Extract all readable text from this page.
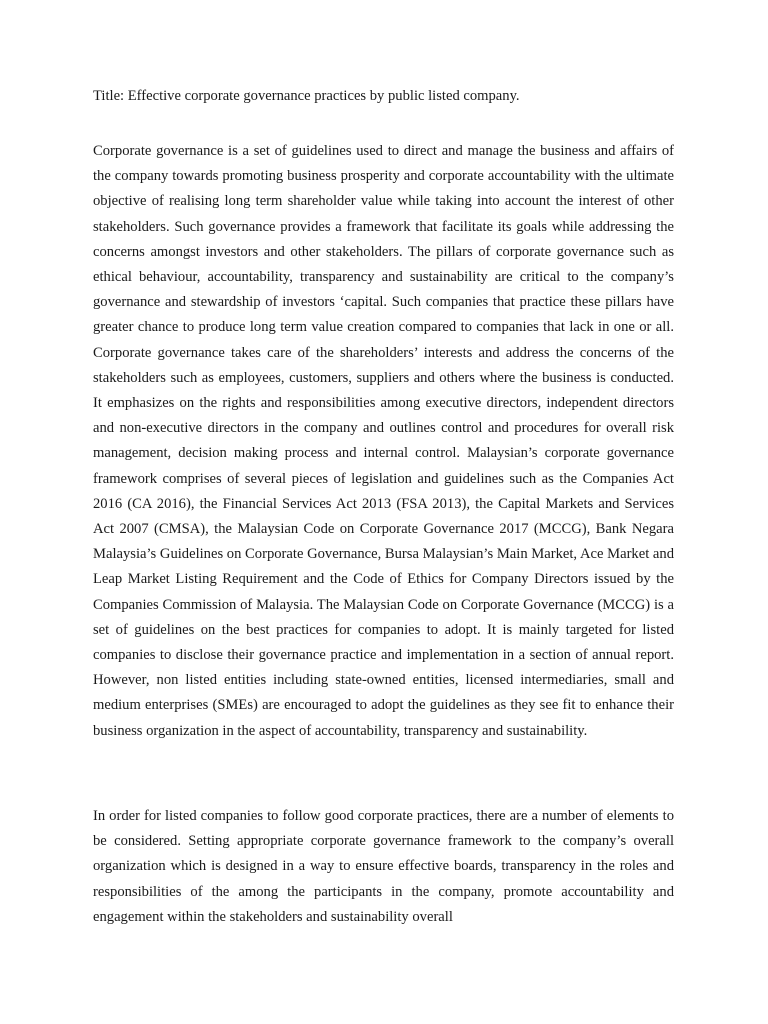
Title: Effective corporate governance practices by public listed company.

Corporate governance is a set of guidelines used to direct and manage the business and affairs of the company towards promoting business prosperity and corporate accountability with the ultimate objective of realising long term shareholder value while taking into account the interest of other stakeholders. Such governance provides a framework that facilitate its goals while addressing the concerns amongst investors and other stakeholders. The pillars of corporate governance such as ethical behaviour, accountability, transparency and sustainability are critical to the company’s governance and stewardship of investors ‘capital. Such companies that practice these pillars have greater chance to produce long term value creation compared to companies that lack in one or all. Corporate governance takes care of the shareholders’ interests and address the concerns of the stakeholders such as employees, customers, suppliers and others where the business is conducted. It emphasizes on the rights and responsibilities among executive directors, independent directors and non-executive directors in the company and outlines control and procedures for overall risk management, decision making process and internal control. Malaysian’s corporate governance framework comprises of several pieces of legislation and guidelines such as the Companies Act 2016 (CA 2016), the Financial Services Act 2013 (FSA 2013), the Capital Markets and Services Act 2007 (CMSA), the Malaysian Code on Corporate Governance 2017 (MCCG), Bank Negara Malaysia’s Guidelines on Corporate Governance, Bursa Malaysian’s Main Market, Ace Market and Leap Market Listing Requirement and the Code of Ethics for Company Directors issued by the Companies Commission of Malaysia. The Malaysian Code on Corporate Governance (MCCG) is a set of guidelines on the best practices for companies to adopt. It is mainly targeted for listed companies to disclose their governance practice and implementation in a section of annual report. However, non listed entities including state-owned entities, licensed intermediaries, small and medium enterprises (SMEs) are encouraged to adopt the guidelines as they see fit to enhance their business organization in the aspect of accountability, transparency and sustainability.

In order for listed companies to follow good corporate practices, there are a number of elements to be considered. Setting appropriate corporate governance framework to the company’s overall organization which is designed in a way to ensure effective boards, transparency in the roles and responsibilities of the among the participants in the company, promote accountability and engagement within the stakeholders and sustainability overall
